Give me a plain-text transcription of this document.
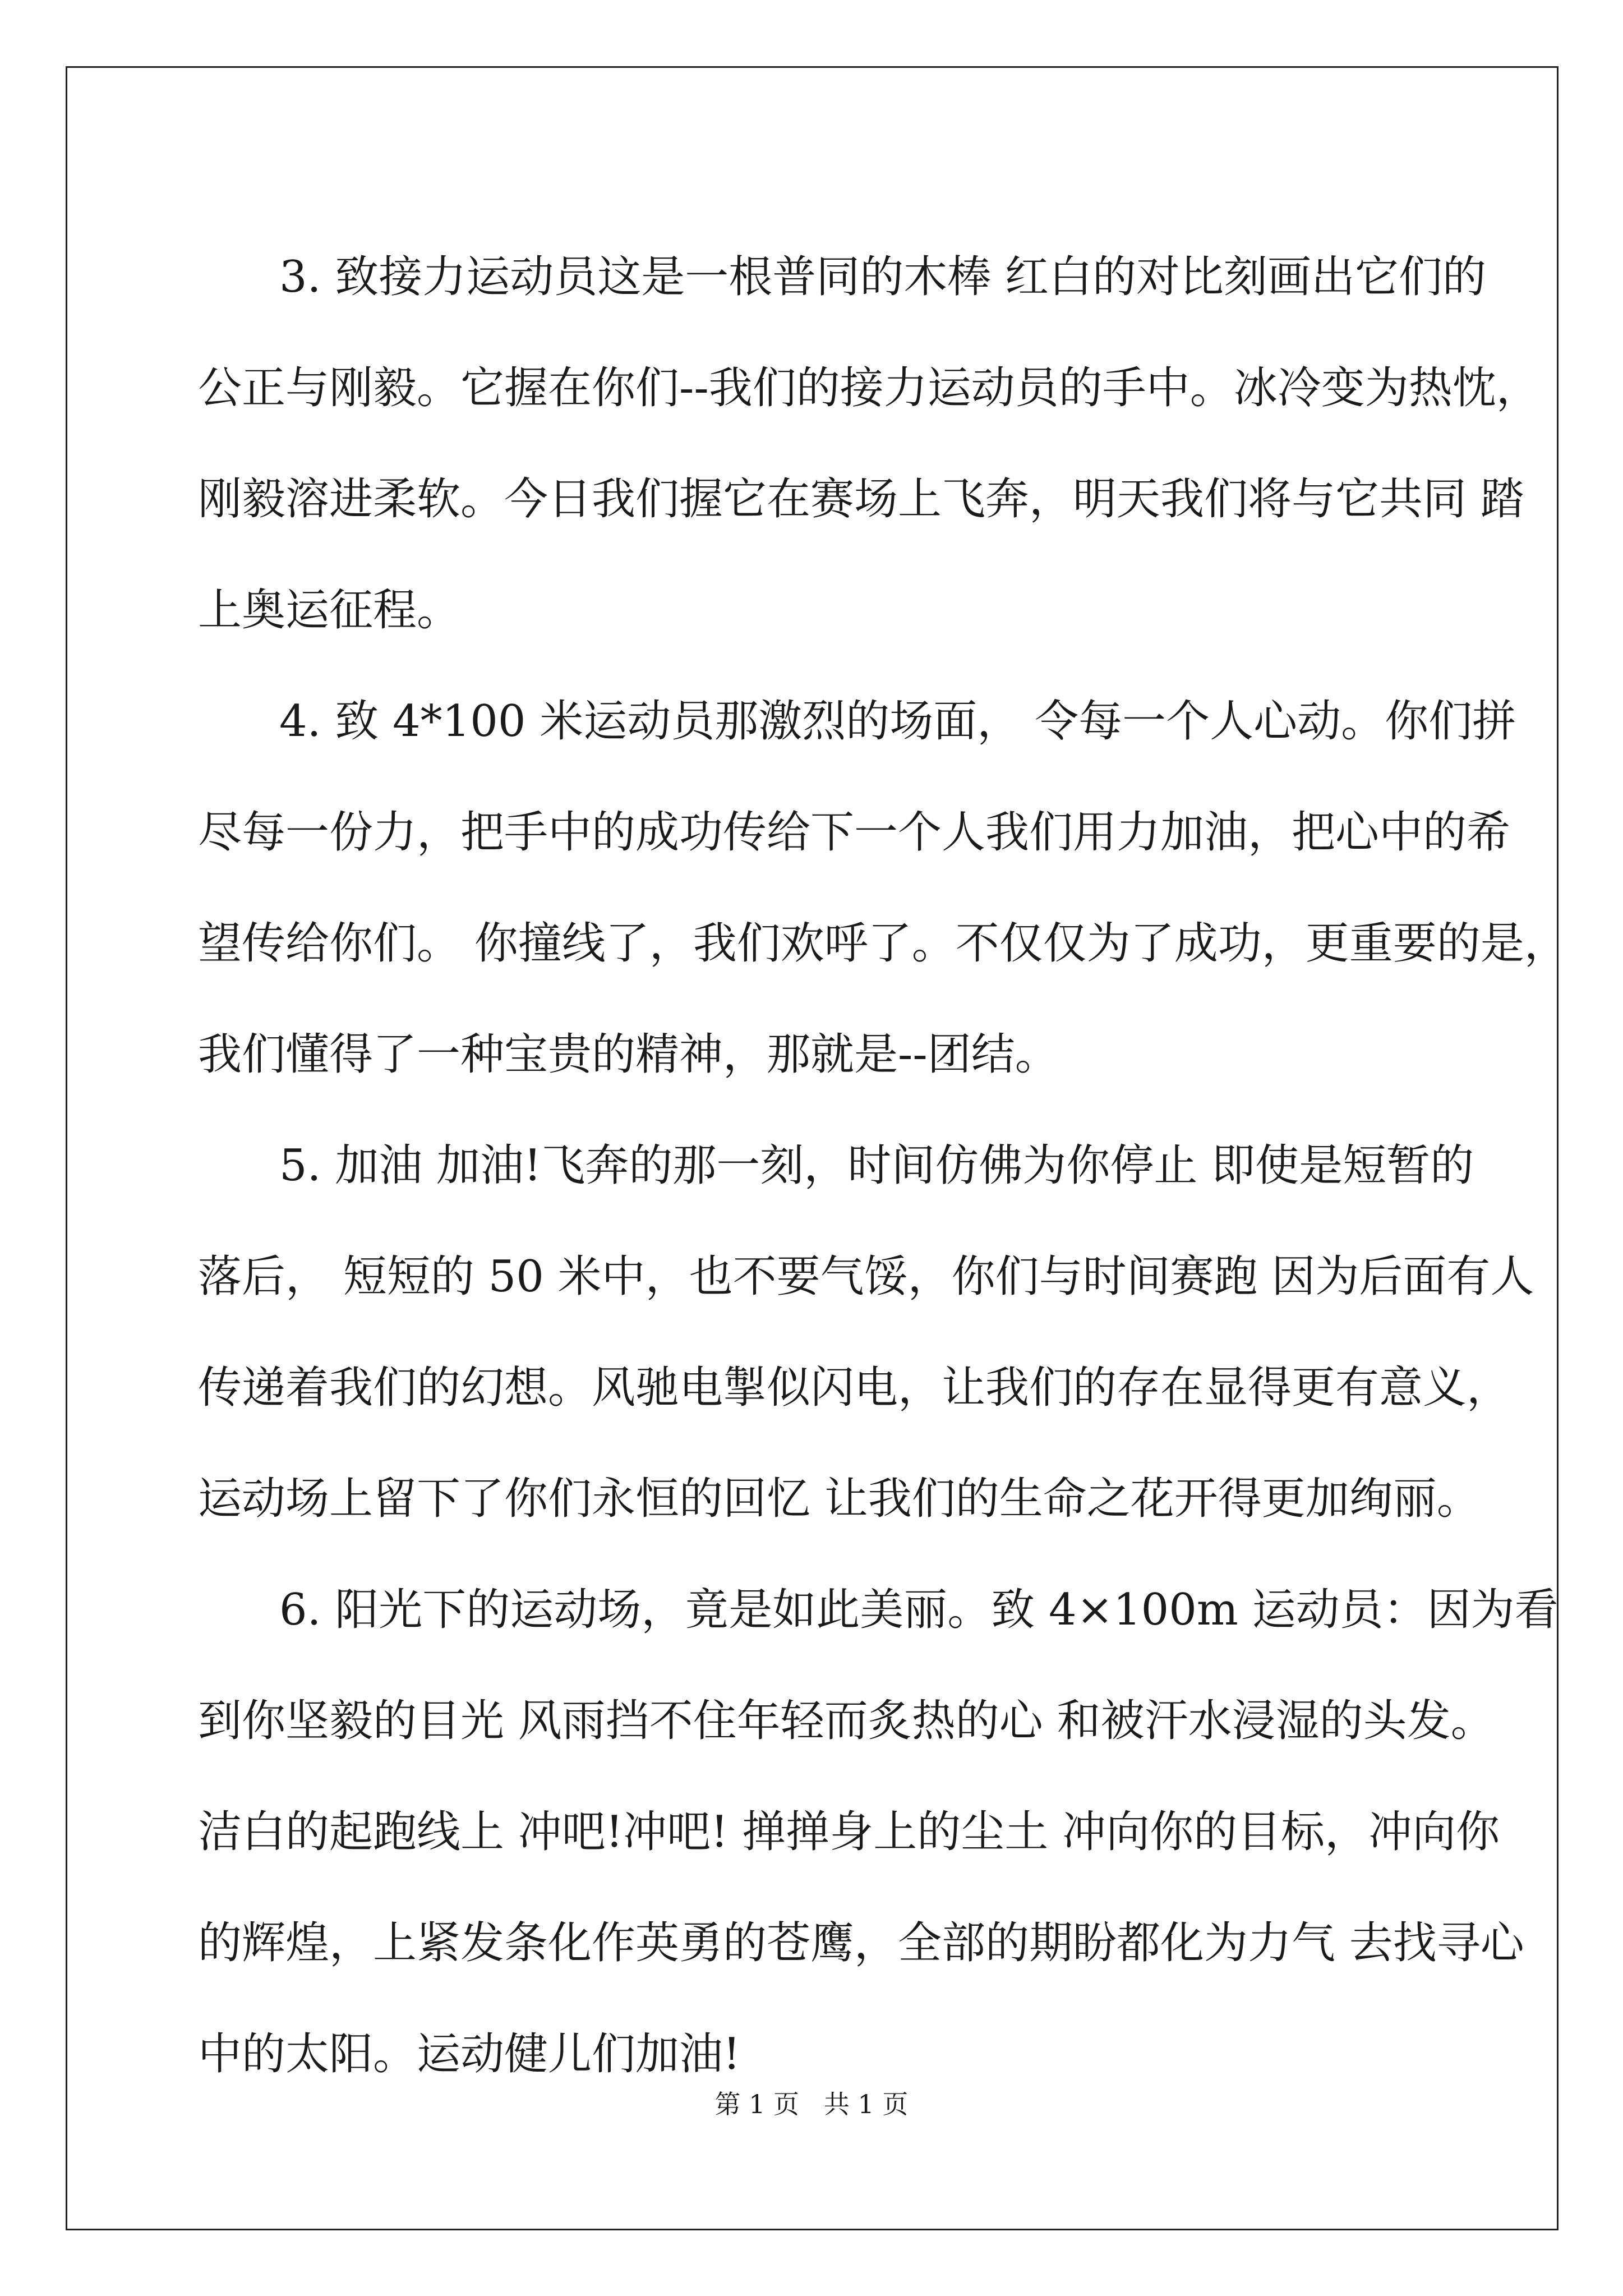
3. 致接力运动员这是一根普同的木棒 红白的对比刻画出它们的
公正与刚毅。它握在你们--我们的接力运动员的手中。冰冷变为热忱，
刚毅溶进柔软。今日我们握它在赛场上飞奔，明天我们将与它共同 踏
上奥运征程。
4. 致 4*100 米运动员那激烈的场面， 令每一个人心动。你们拼
尽每一份力，把手中的成功传给下一个人我们用力加油，把心中的希
望传给你们。 你撞线了，我们欢呼了。不仅仅为了成功，更重要的是，
我们懂得了一种宝贵的精神，那就是--团结。
5. 加油 加油!飞奔的那一刻，时间仿佛为你停止 即使是短暂的
落后， 短短的 50 米中，也不要气馁，你们与时间赛跑 因为后面有人
传递着我们的幻想。风驰电掣似闪电，让我们的存在显得更有意义，
运动场上留下了你们永恒的回忆 让我们的生命之花开得更加绚丽。
6. 阳光下的运动场，竟是如此美丽。致 4×100m 运动员：因为看
到你坚毅的目光 风雨挡不住年轻而炙热的心 和被汗水浸湿的头发。
洁白的起跑线上 冲吧!冲吧! 掸掸身上的尘土 冲向你的目标，冲向你
的辉煌，上紧发条化作英勇的苍鹰，全部的期盼都化为力气 去找寻心
中的太阳。运动健儿们加油!
第 1 页   共 1 页
